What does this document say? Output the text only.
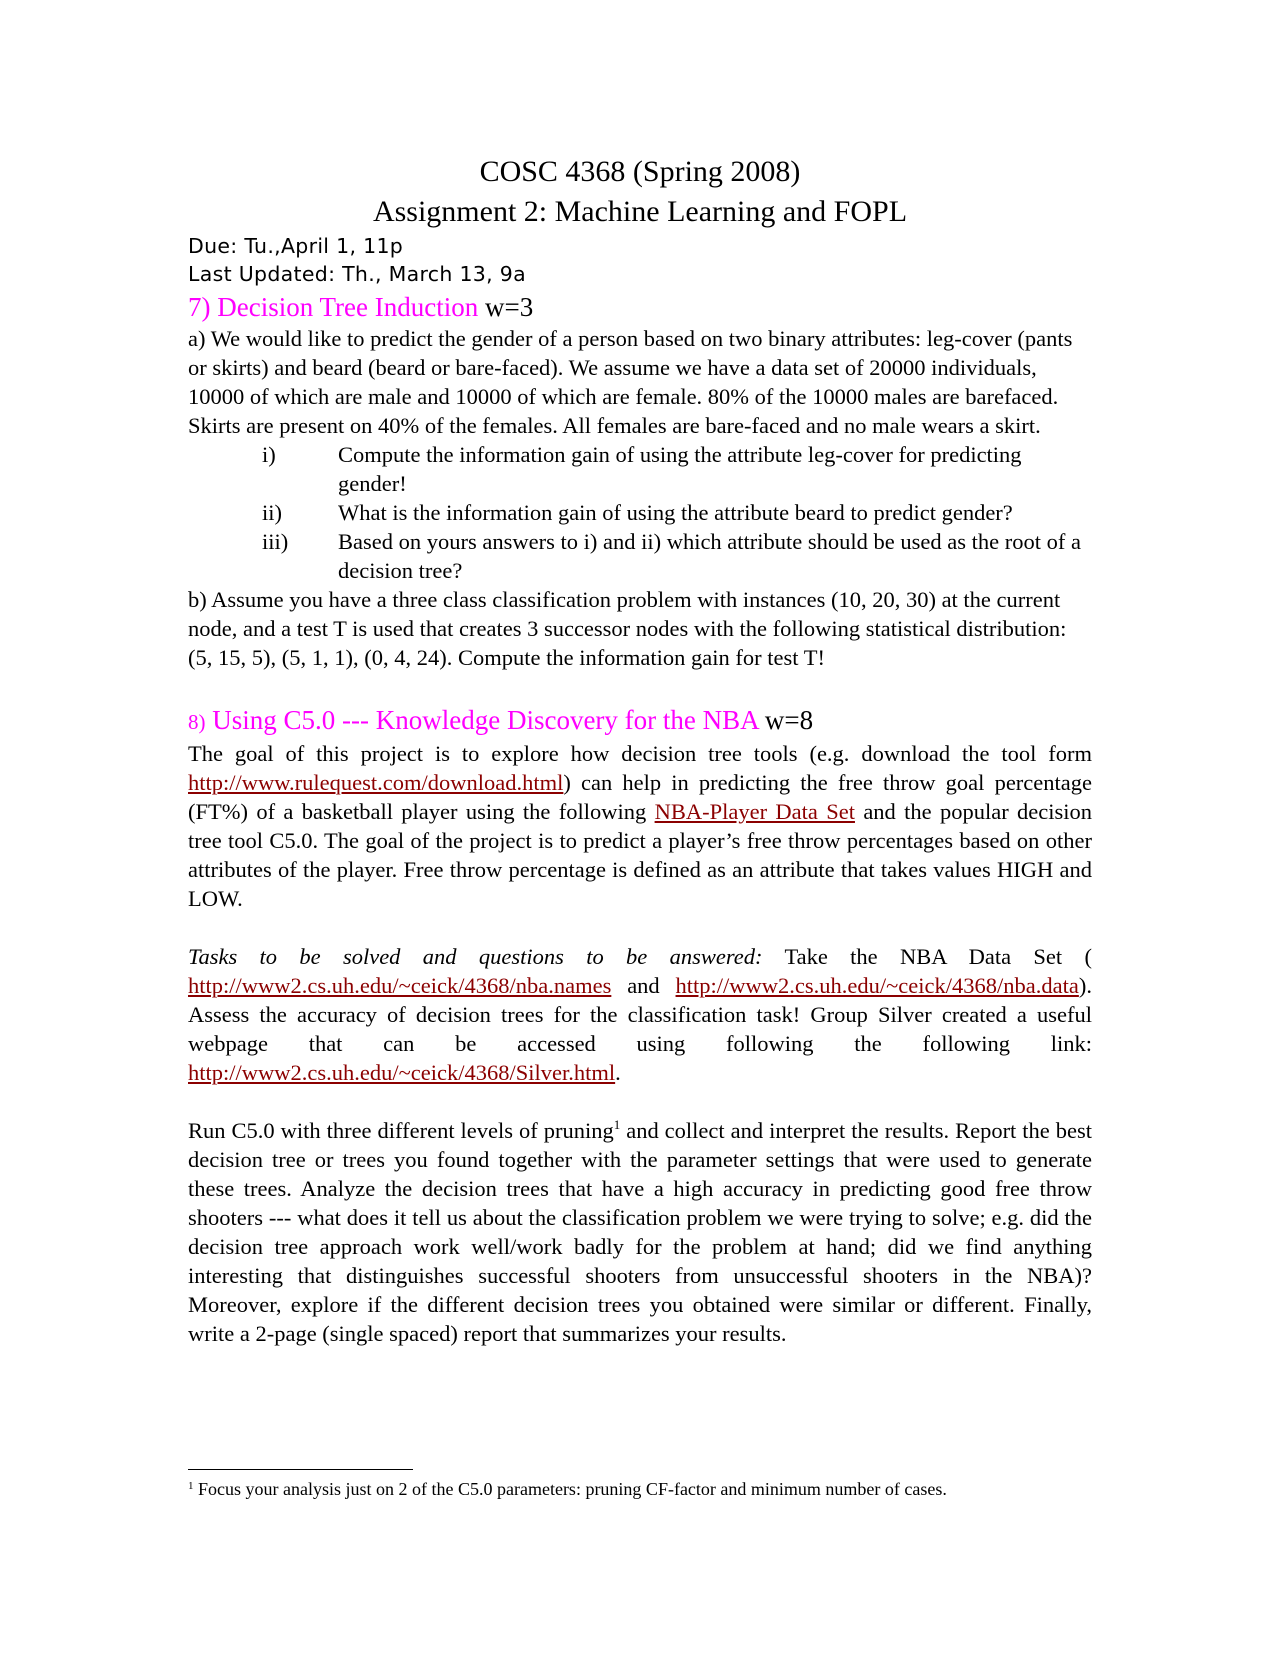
COSC 4368 (Spring 2008)
Assignment 2: Machine Learning and FOPL
Due: Tu.,April 1, 11p
Last Updated: Th., March 13, 9a
7) Decision Tree Induction w=3

a) We would like to predict the gender of a person based on two binary attributes: leg-cover (pants or skirts) and beard (beard or bare-faced). We assume we have a data set of 20000 individuals, 10000 of which are male and 10000 of which are female. 80% of the 10000 males are barefaced. Skirts are present on 40% of the females. All females are bare-faced and no male wears a skirt.

i)	Compute the information gain of using the attribute leg-cover for predicting gender!
ii) What is the information gain of using the attribute beard to predict gender?
iii) Based on yours answers to i) and ii) which attribute should be used as the root of a decision tree?

b) Assume you have a three class classification problem with instances (10, 20, 30) at the current node, and a test T is used that creates 3 successor nodes with the following statistical distribution: (5, 15, 5), (5, 1, 1), (0, 4, 24). Compute the information gain for test T!

8) Using C5.0 --- Knowledge Discovery for the NBA w=8

The goal of this project is to explore how decision tree tools (e.g. download the tool form http://www.rulequest.com/download.html) can help in predicting the free throw goal percentage (FT%) of a basketball player using the following NBA-Player Data Set and the popular decision tree tool C5.0. The goal of the project is to predict a player’s free throw percentages based on other attributes of the player. Free throw percentage is defined as an attribute that takes values HIGH and LOW.

Tasks to be solved and questions to be answered: Take the NBA Data Set ( http://www2.cs.uh.edu/~ceick/4368/nba.names and http://www2.cs.uh.edu/~ceick/4368/nba.data). Assess the accuracy of decision trees for the classification task! Group Silver created a useful webpage that can be accessed using following the following link: http://www2.cs.uh.edu/~ceick/4368/Silver.html.

Run C5.0 with three different levels of pruning$^1$ and collect and interpret the results. Report the best decision tree or trees you found together with the parameter settings that were used to generate these trees. Analyze the decision trees that have a high accuracy in predicting good free throw shooters --- what does it tell us about the classification problem we were trying to solve; e.g. did the decision tree approach work well/work badly for the problem at hand; did we find anything interesting that distinguishes successful shooters from unsuccessful shooters in the NBA)? Moreover, explore if the different decision trees you obtained were similar or different. Finally, write a 2-page (single spaced) report that summarizes your results.

$^1$ Focus your analysis just on 2 of the C5.0 parameters: pruning CF-factor and minimum number of cases.
